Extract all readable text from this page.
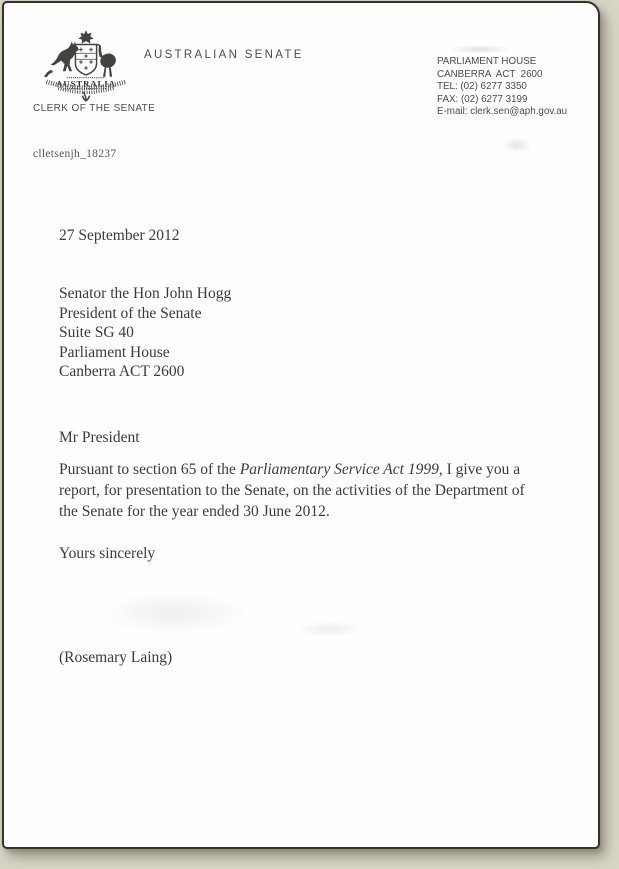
AUSTRALIA
AUSTRALIAN SENATE
CLERK OF THE SENATE
PARLIAMENT HOUSE
CANBERRA  ACT  2600
TEL: (02) 6277 3350
FAX: (02) 6277 3199
E-mail: clerk.sen@aph.gov.au
clletsenjh_18237
27 September 2012
Senator the Hon John Hogg
President of the Senate
Suite SG 40
Parliament House
Canberra ACT 2600
Mr President

Pursuant to section 65 of the Parliamentary Service Act 1999, I give you a report, for presentation to the Senate, on the activities of the Department of the Senate for the year ended 30 June 2012.

Yours sincerely
(Rosemary Laing)
